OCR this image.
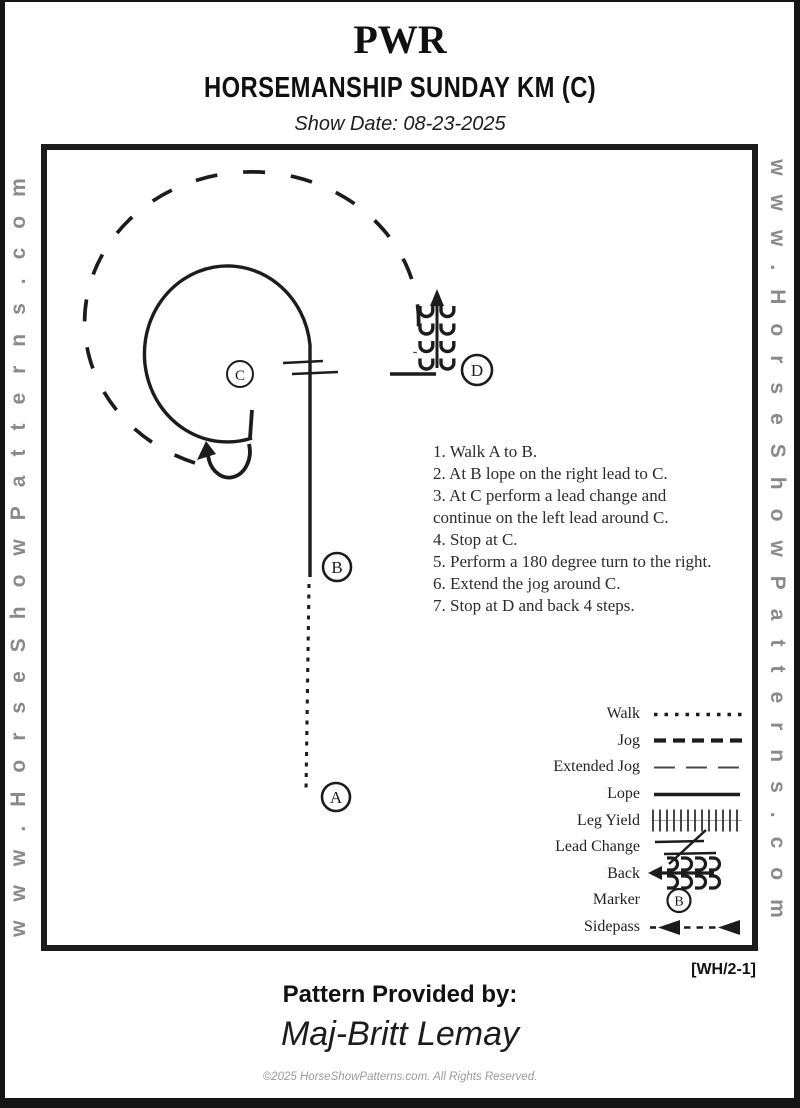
PWR
HORSEMANSHIP SUNDAY KM (C)
Show Date: 08-23-2025
www.HorseShowPatterns.com	www.HorseShowPatterns.com
C
B
A
D
1. Walk A to B.
2. At B lope on the right lead to C.
3. At C perform a lead change and continue on the left lead around C.
4. Stop at C.
5. Perform a 180 degree turn to the right.
6. Extend the jog around C.
7. Stop at D and back 4 steps.
Walk
Jog
Extended Jog
Lope
Leg Yield
Lead Change
Back
Marker	B
Sidepass
[WH/2-1]
Pattern Provided by:
Maj-Britt Lemay
©2025 HorseShowPatterns.com. All Rights Reserved.
